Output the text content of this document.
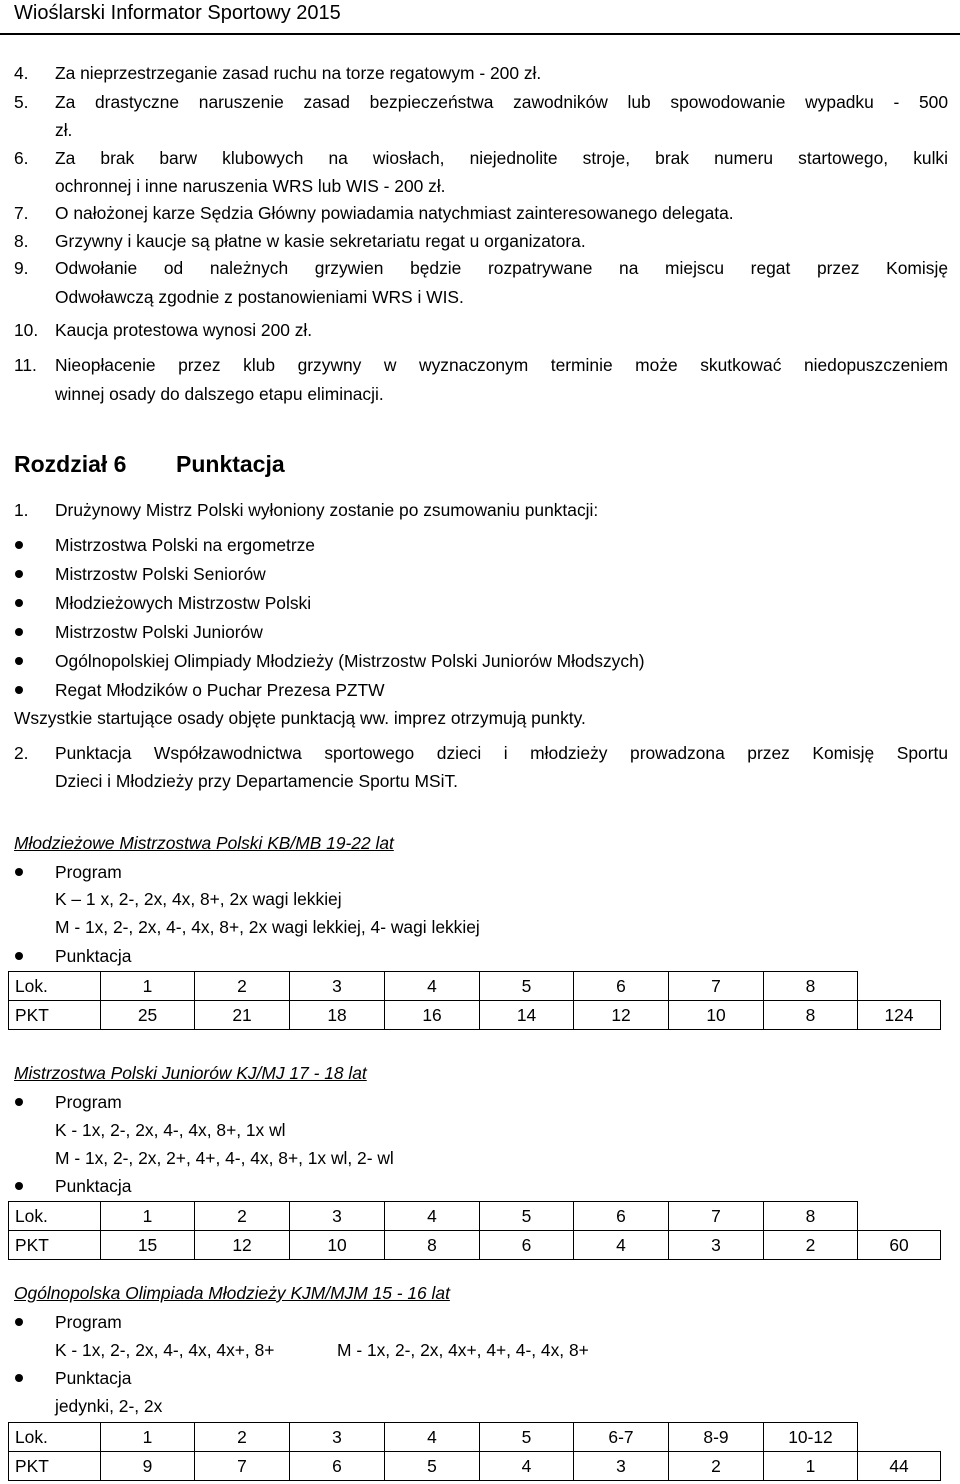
Wioślarski Informator Sportowy 2015
4. Za nieprzestrzeganie zasad ruchu na torze regatowym - 200 zł.
5. Za drastyczne naruszenie zasad bezpieczeństwa zawodników lub spowodowanie wypadku - 500
zł.
6. Za brak barw klubowych na wiosłach, niejednolite stroje, brak numeru startowego, kulki
ochronnej i inne naruszenia WRS lub WIS - 200 zł.
7. O nałożonej karze Sędzia Główny powiadamia natychmiast zainteresowanego delegata.
8. Grzywny i kaucje są płatne w kasie sekretariatu regat u organizatora.
9. Odwołanie od należnych grzywien będzie rozpatrywane na miejscu regat przez Komisję
Odwoławczą zgodnie z postanowieniami WRS i WIS.
10. Kaucja protestowa wynosi 200 zł.
11. Nieopłacenie przez klub grzywny w wyznaczonym terminie może skutkować niedopuszczeniem
winnej osady do dalszego etapu eliminacji.
Rozdział 6 Punktacja
1. Drużynowy Mistrz Polski wyłoniony zostanie po zsumowaniu punktacji:
Mistrzostwa Polski na ergometrze
Mistrzostw Polski Seniorów
Młodzieżowych Mistrzostw Polski
Mistrzostw Polski Juniorów
Ogólnopolskiej Olimpiady Młodzieży (Mistrzostw Polski Juniorów Młodszych)
Regat Młodzików o Puchar Prezesa PZTW
Wszystkie startujące osady objęte punktacją ww. imprez otrzymują punkty.
2. Punktacja Współzawodnictwa sportowego dzieci i młodzieży prowadzona przez Komisję Sportu
Dzieci i Młodzieży przy Departamencie Sportu MSiT.
Młodzieżowe Mistrzostwa Polski KB/MB 19-22 lat
Program
K – 1 x, 2-, 2x, 4x, 8+, 2x wagi lekkiej
M - 1x, 2-, 2x, 4-, 4x, 8+, 2x wagi lekkiej, 4- wagi lekkiej
Punktacja
Lok.	1	2	3	4	5	6	7	8	
PKT	25	21	18	16	14	12	10	8	124
Mistrzostwa Polski Juniorów KJ/MJ 17 - 18 lat
Program
K - 1x, 2-, 2x, 4-, 4x, 8+, 1x wl
M - 1x, 2-, 2x, 2+, 4+, 4-, 4x, 8+, 1x wl, 2- wl
Punktacja
Lok.	1	2	3	4	5	6	7	8	
PKT	15	12	10	8	6	4	3	2	60
Ogólnopolska Olimpiada Młodzieży KJM/MJM 15 - 16 lat
Program
K - 1x, 2-, 2x, 4-, 4x, 4x+, 8+	M - 1x, 2-, 2x, 4x+, 4+, 4-, 4x, 8+
Punktacja
jedynki, 2-, 2x
Lok.	1	2	3	4	5	6-7	8-9	10-12	
PKT	9	7	6	5	4	3	2	1	44
